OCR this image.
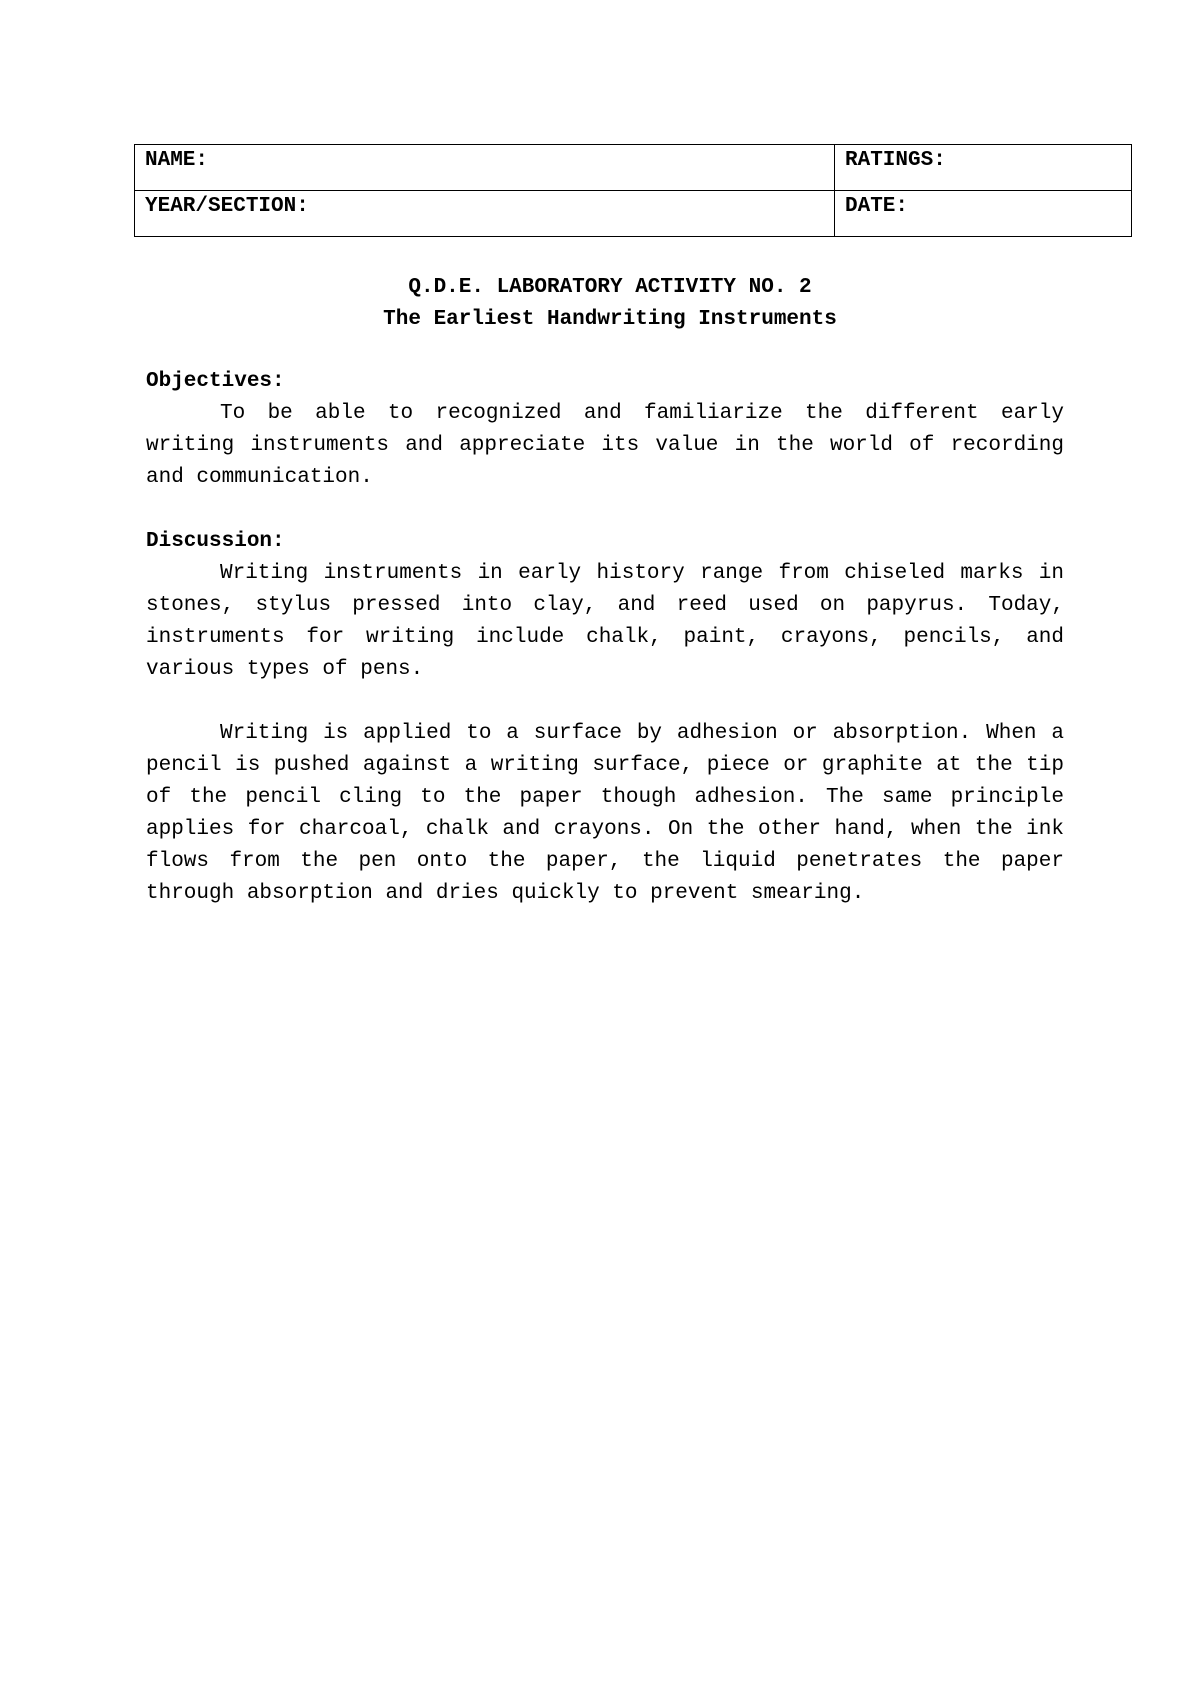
NAME:	RATINGS:
YEAR/SECTION:	DATE:
Q.D.E. LABORATORY ACTIVITY NO. 2
The Earliest Handwriting Instruments

Objectives:

To be able to recognized and familiarize the different early writing instruments and appreciate its value in the world of recording and communication.

Discussion:

Writing instruments in early history range from chiseled marks in stones, stylus pressed into clay, and reed used on papyrus. Today, instruments for writing include chalk, paint, crayons, pencils, and various types of pens.

Writing is applied to a surface by adhesion or absorption. When a pencil is pushed against a writing surface, piece or graphite at the tip of the pencil cling to the paper though adhesion. The same principle applies for charcoal, chalk and crayons. On the other hand, when the ink flows from the pen onto the paper, the liquid penetrates the paper through absorption and dries quickly to prevent smearing.
